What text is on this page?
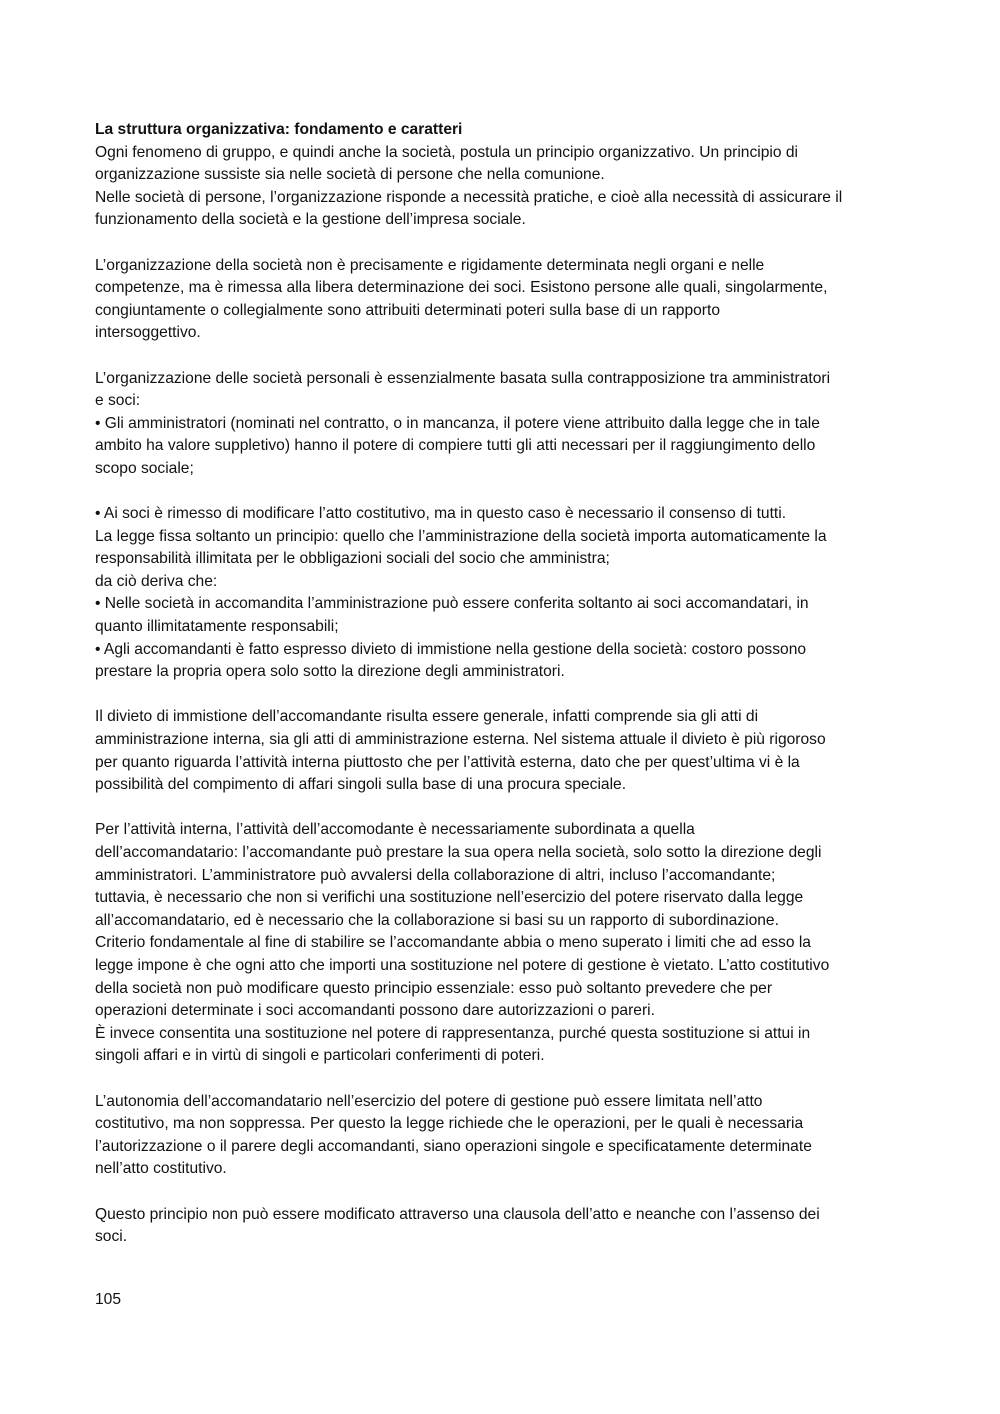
La struttura organizzativa: fondamento e caratteri

Ogni fenomeno di gruppo, e quindi anche la società, postula un principio organizzativo. Un principio di
organizzazione sussiste sia nelle società di persone che nella comunione.
Nelle società di persone, l’organizzazione risponde a necessità pratiche, e cioè alla necessità di assicurare il
funzionamento della società e la gestione dell’impresa sociale.

L’organizzazione della società non è precisamente e rigidamente determinata negli organi e nelle
competenze, ma è rimessa alla libera determinazione dei soci. Esistono persone alle quali, singolarmente,
congiuntamente o collegialmente sono attribuiti determinati poteri sulla base di un rapporto
intersoggettivo.

L’organizzazione delle società personali è essenzialmente basata sulla contrapposizione tra amministratori
e soci:
• Gli amministratori (nominati nel contratto, o in mancanza, il potere viene attribuito dalla legge che in tale
ambito ha valore suppletivo) hanno il potere di compiere tutti gli atti necessari per il raggiungimento dello
scopo sociale;

• Ai soci è rimesso di modificare l’atto costitutivo, ma in questo caso è necessario il consenso di tutti.
La legge fissa soltanto un principio: quello che l’amministrazione della società importa automaticamente la
responsabilità illimitata per le obbligazioni sociali del socio che amministra;
da ciò deriva che:
• Nelle società in accomandita l’amministrazione può essere conferita soltanto ai soci accomandatari, in
quanto illimitatamente responsabili;
• Agli accomandanti è fatto espresso divieto di immistione nella gestione della società: costoro possono
prestare la propria opera solo sotto la direzione degli amministratori.

Il divieto di immistione dell’accomandante risulta essere generale, infatti comprende sia gli atti di
amministrazione interna, sia gli atti di amministrazione esterna. Nel sistema attuale il divieto è più rigoroso
per quanto riguarda l’attività interna piuttosto che per l’attività esterna, dato che per quest’ultima vi è la
possibilità del compimento di affari singoli sulla base di una procura speciale.

Per l’attività interna, l’attività dell’accomodante è necessariamente subordinata a quella
dell’accomandatario: l’accomandante può prestare la sua opera nella società, solo sotto la direzione degli
amministratori. L’amministratore può avvalersi della collaborazione di altri, incluso l’accomandante;
tuttavia, è necessario che non si verifichi una sostituzione nell’esercizio del potere riservato dalla legge
all’accomandatario, ed è necessario che la collaborazione si basi su un rapporto di subordinazione.
Criterio fondamentale al fine di stabilire se l’accomandante abbia o meno superato i limiti che ad esso la
legge impone è che ogni atto che importi una sostituzione nel potere di gestione è vietato. L’atto costitutivo
della società non può modificare questo principio essenziale: esso può soltanto prevedere che per
operazioni determinate i soci accomandanti possono dare autorizzazioni o pareri.
È invece consentita una sostituzione nel potere di rappresentanza, purché questa sostituzione si attui in
singoli affari e in virtù di singoli e particolari conferimenti di poteri.

L’autonomia dell’accomandatario nell’esercizio del potere di gestione può essere limitata nell’atto
costitutivo, ma non soppressa. Per questo la legge richiede che le operazioni, per le quali è necessaria
l’autorizzazione o il parere degli accomandanti, siano operazioni singole e specificatamente determinate
nell’atto costitutivo.

Questo principio non può essere modificato attraverso una clausola dell’atto e neanche con l’assenso dei
soci.

105
